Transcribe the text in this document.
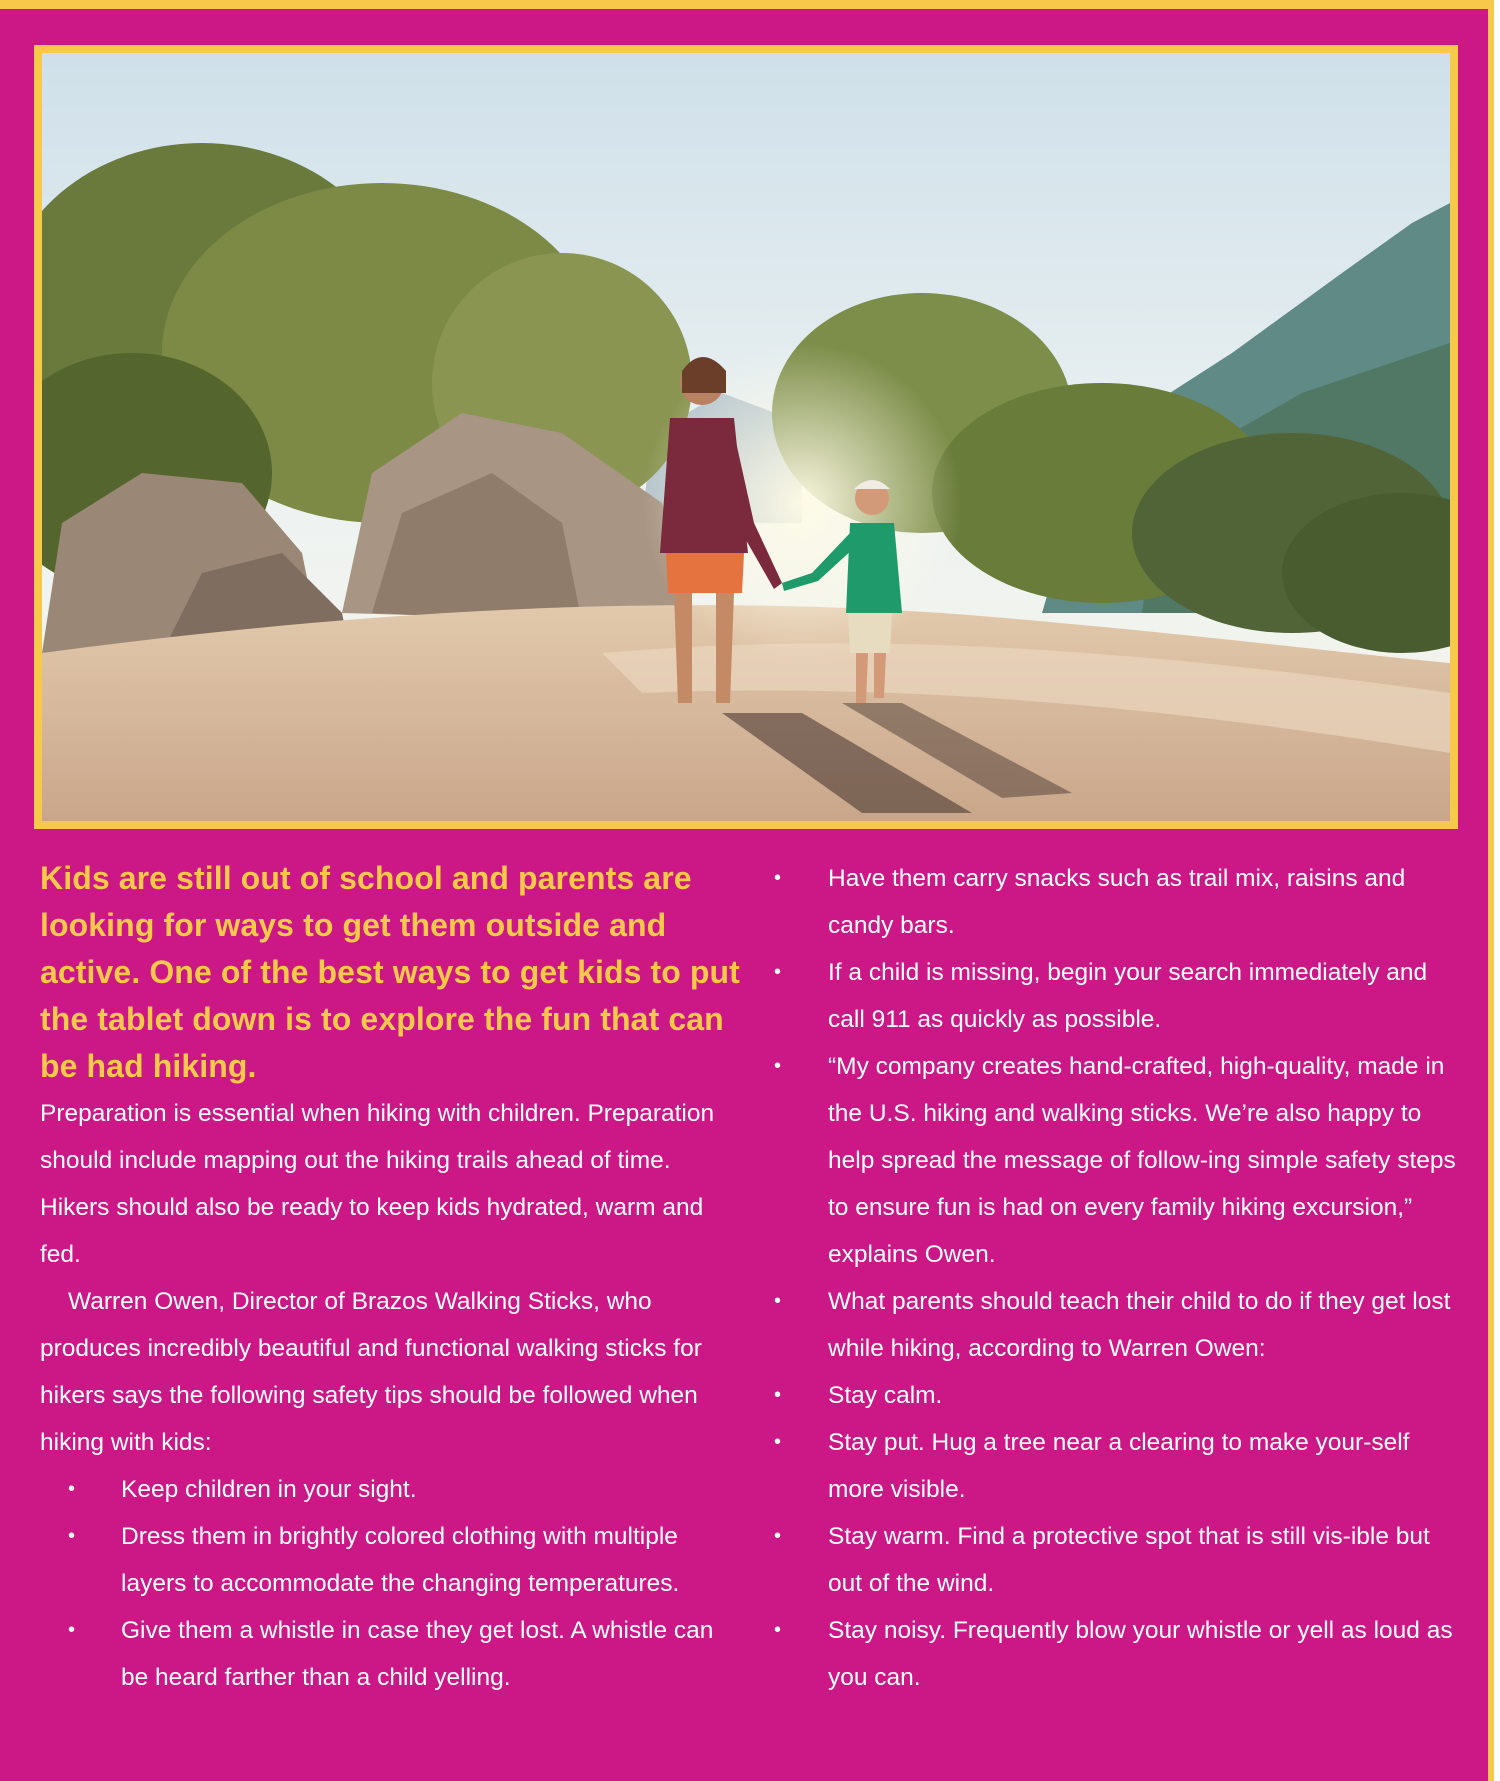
Kids are still out of school and parents are looking for ways to get them outside and active. One of the best ways to get kids to put the tablet down is to explore the fun that can be had hiking.

Preparation is essential when hiking with children. Preparation should include mapping out the hiking trails ahead of time. Hikers should also be ready to keep kids hydrated, warm and fed.

Warren Owen, Director of Brazos Walking Sticks, who produces incredibly beautiful and functional walking sticks for hikers says the following safety tips should be followed when hiking with kids:

• Keep children in your sight.
• Dress them in brightly colored clothing with multiple layers to accommodate the changing temperatures.
• Give them a whistle in case they get lost. A whistle can be heard farther than a child yelling.
• Have them carry snacks such as trail mix, raisins and candy bars.
• If a child is missing, begin your search immediately and call 911 as quickly as possible.
• “My company creates hand-crafted, high-quality, made in the U.S. hiking and walking sticks. We’re also happy to help spread the message of follow-ing simple safety steps to ensure fun is had on every family hiking excursion,” explains Owen.
• What parents should teach their child to do if they get lost while hiking, according to Warren Owen:
• Stay calm.
• Stay put. Hug a tree near a clearing to make your-self more visible.
• Stay warm. Find a protective spot that is still vis-ible but out of the wind.
• Stay noisy. Frequently blow your whistle or yell as loud as you can.
